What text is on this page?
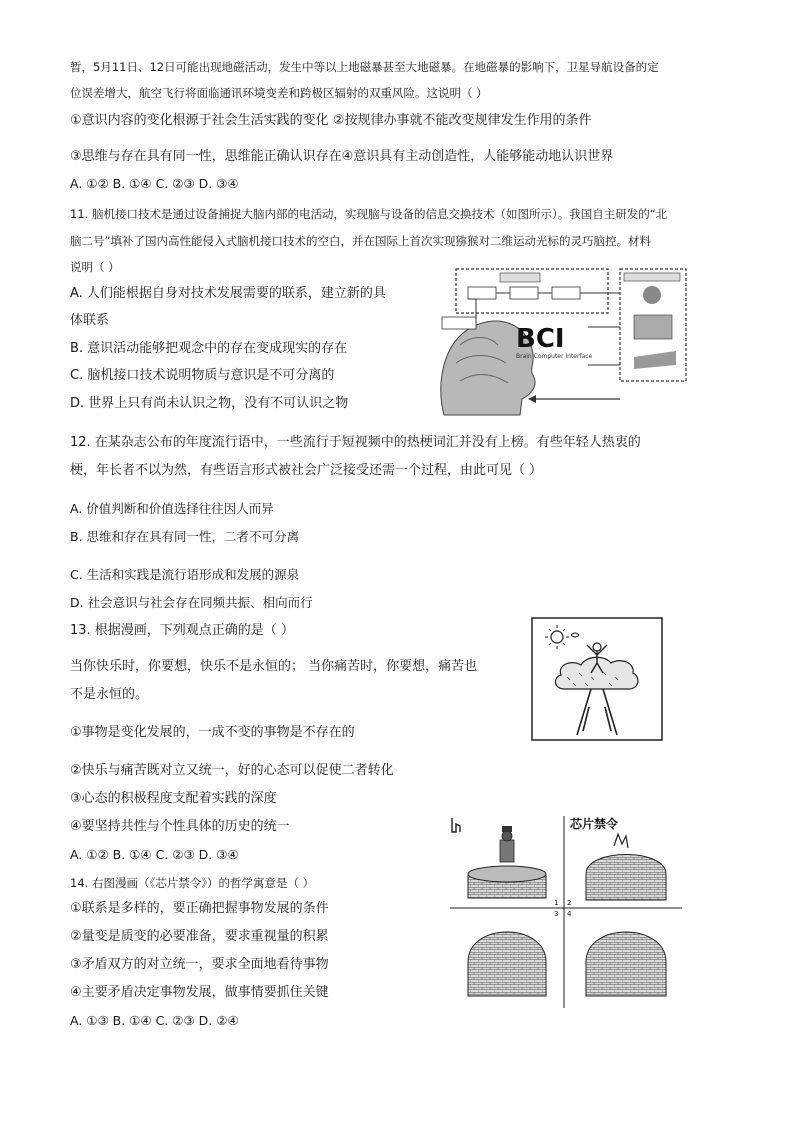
暂，5月11日、12日可能出现地磁活动，发生中等以上地磁暴甚至大地磁暴。在地磁暴的影响下，卫星导航设备的定
位误差增大，航空飞行将面临通讯环境变差和跨极区辐射的双重风险。这说明（ ）
①意识内容的变化根源于社会生活实践的变化 ②按规律办事就不能改变规律发生作用的条件
③思维与存在具有同一性，思维能正确认识存在④意识具有主动创造性，人能够能动地认识世界
A. ①② B. ①④ C. ②③ D. ③④
11. 脑机接口技术是通过设备捕捉大脑内部的电活动，实现脑与设备的信息交换技术（如图所示）。我国自主研发的“北
脑二号”填补了国内高性能侵入式脑机接口技术的空白，并在国际上首次实现猕猴对二维运动光标的灵巧脑控。材料
说明（ ）
A. 人们能根据自身对技术发展需要的联系，建立新的具
体联系
B. 意识活动能够把观念中的存在变成现实的存在
C. 脑机接口技术说明物质与意识是不可分离的
D. 世界上只有尚未认识之物，没有不可认识之物
BCI
Brain Computer Interface
12. 在某杂志公布的年度流行语中，一些流行于短视频中的热梗词汇并没有上榜。有些年轻人热衷的
梗，年长者不以为然，有些语言形式被社会广泛接受还需一个过程，由此可见（ ）
A. 价值判断和价值选择往往因人而异
B. 思维和存在具有同一性，二者不可分离
C. 生活和实践是流行语形成和发展的源泉
D. 社会意识与社会存在同频共振、相向而行
13. 根据漫画，下列观点正确的是（ ）
当你快乐时，你要想，快乐不是永恒的； 当你痛苦时，你要想，痛苦也
不是永恒的。
①事物是变化发展的，一成不变的事物是不存在的
②快乐与痛苦既对立又统一，好的心态可以促使二者转化
③心态的积极程度支配着实践的深度
④要坚持共性与个性具体的历史的统一
A. ①② B. ①④ C. ②③ D. ③④
14. 右图漫画（《芯片禁令》）的哲学寓意是（ ）
①联系是多样的，要正确把握事物发展的条件
②量变是质变的必要准备，要求重视量的积累
③矛盾双方的对立统一，要求全面地看待事物
④主要矛盾决定事物发展，做事情要抓住关键
A. ①③ B. ①④ C. ②③ D. ②④
芯片禁令
1 2
3 4
